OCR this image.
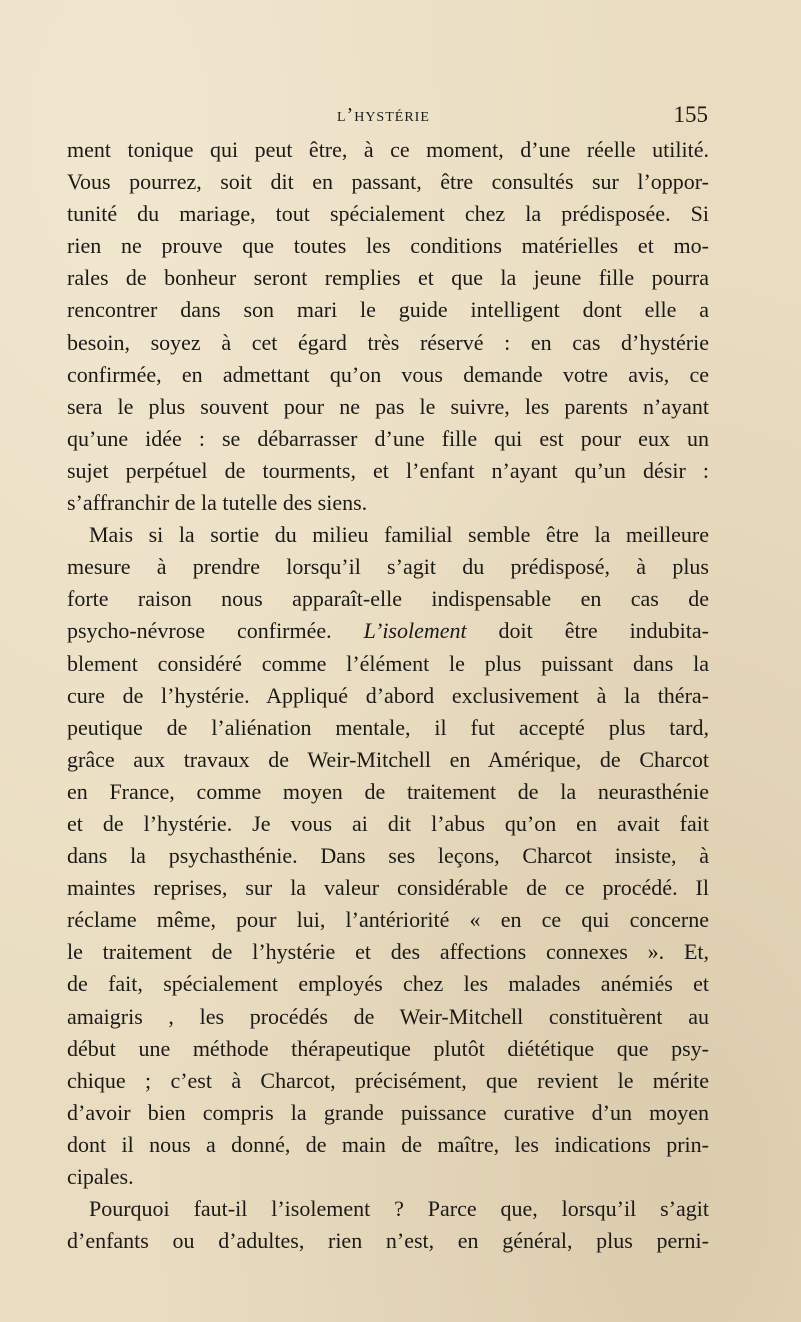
l’hystérie	155
ment tonique qui peut être, à ce moment, d’une réelle utilité.
Vous pourrez, soit dit en passant, être consultés sur l’oppor-
tunité du mariage, tout spécialement chez la prédisposée. Si
rien ne prouve que toutes les conditions matérielles et mo-
rales de bonheur seront remplies et que la jeune fille pourra
rencontrer dans son mari le guide intelligent dont elle a
besoin, soyez à cet égard très réservé : en cas d’hystérie
confirmée, en admettant qu’on vous demande votre avis, ce
sera le plus souvent pour ne pas le suivre, les parents n’ayant
qu’une idée : se débarrasser d’une fille qui est pour eux un
sujet perpétuel de tourments, et l’enfant n’ayant qu’un désir :
s’affranchir de la tutelle des siens.
Mais si la sortie du milieu familial semble être la meilleure
mesure à prendre lorsqu’il s’agit du prédisposé, à plus
forte raison nous apparaît-elle indispensable en cas de
psycho-névrose confirmée. L’isolement doit être indubita-
blement considéré comme l’élément le plus puissant dans la
cure de l’hystérie. Appliqué d’abord exclusivement à la théra-
peutique de l’aliénation mentale, il fut accepté plus tard,
grâce aux travaux de Weir-Mitchell en Amérique, de Charcot
en France, comme moyen de traitement de la neurasthénie
et de l’hystérie. Je vous ai dit l’abus qu’on en avait fait
dans la psychasthénie. Dans ses leçons, Charcot insiste, à
maintes reprises, sur la valeur considérable de ce procédé. Il
réclame même, pour lui, l’antériorité « en ce qui concerne
le traitement de l’hystérie et des affections connexes ». Et,
de fait, spécialement employés chez les malades anémiés et
amaigris , les procédés de Weir-Mitchell constituèrent au
début une méthode thérapeutique plutôt diététique que psy-
chique ; c’est à Charcot, précisément, que revient le mérite
d’avoir bien compris la grande puissance curative d’un moyen
dont il nous a donné, de main de maître, les indications prin-
cipales.
Pourquoi faut-il l’isolement ? Parce que, lorsqu’il s’agit
d’enfants ou d’adultes, rien n’est, en général, plus perni-
